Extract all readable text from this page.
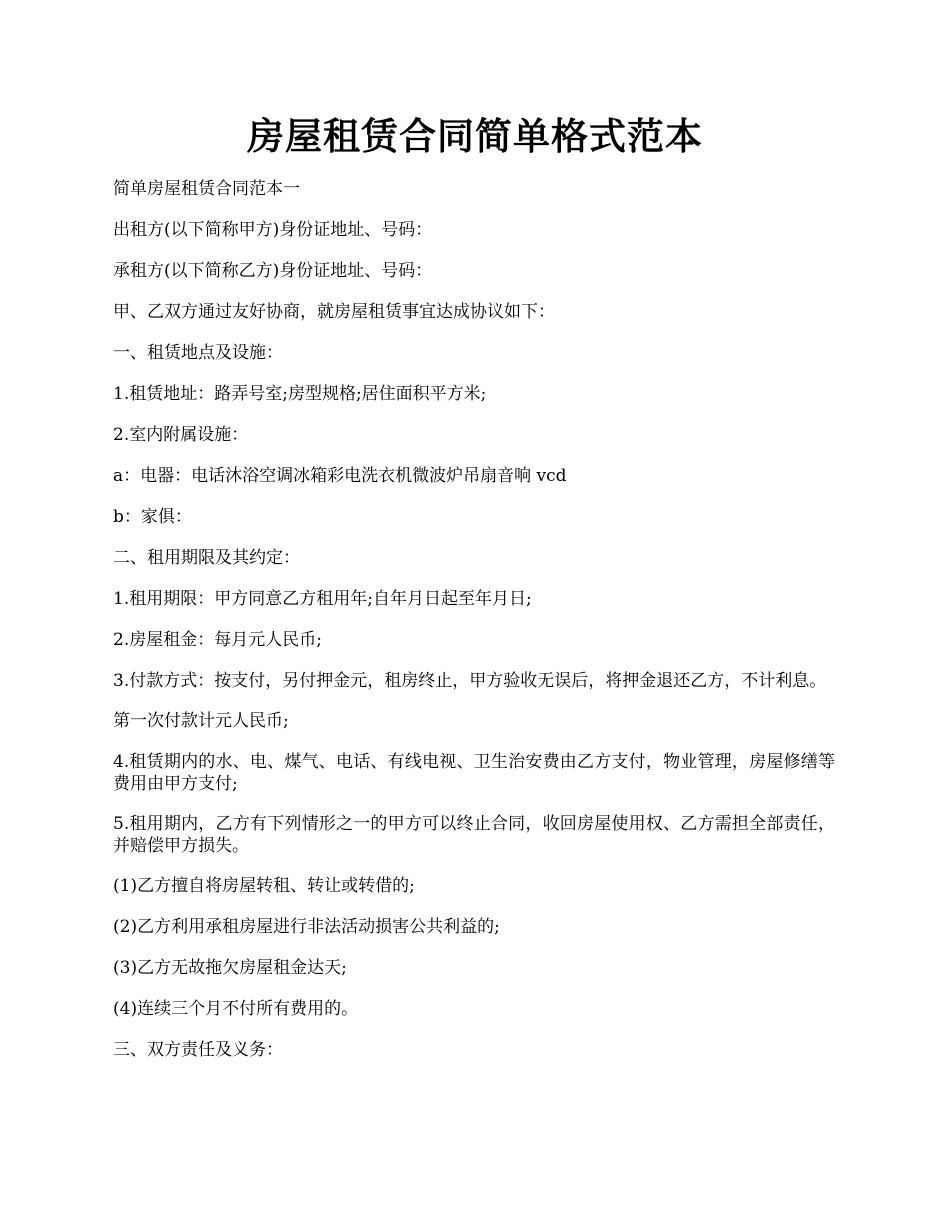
房屋租赁合同简单格式范本

简单房屋租赁合同范本一

出租方(以下简称甲方)身份证地址、号码：

承租方(以下简称乙方)身份证地址、号码：

甲、乙双方通过友好协商，就房屋租赁事宜达成协议如下：

一、租赁地点及设施：

1.租赁地址：路弄号室;房型规格;居住面积平方米;

2.室内附属设施：

a：电器：电话沐浴空调冰箱彩电洗衣机微波炉吊扇音响 vcd

b：家俱：

二、租用期限及其约定：

1.租用期限：甲方同意乙方租用年;自年月日起至年月日;

2.房屋租金：每月元人民币;

3.付款方式：按支付，另付押金元，租房终止，甲方验收无误后，将押金退还乙方，不计利息。

第一次付款计元人民币;

4.租赁期内的水、电、煤气、电话、有线电视、卫生治安费由乙方支付，物业管理，房屋修缮等费用由甲方支付;

5.租用期内，乙方有下列情形之一的甲方可以终止合同，收回房屋使用权、乙方需担全部责任，并赔偿甲方损失。

(1)乙方擅自将房屋转租、转让或转借的;

(2)乙方利用承租房屋进行非法活动损害公共利益的;

(3)乙方无故拖欠房屋租金达天;

(4)连续三个月不付所有费用的。

三、双方责任及义务：
